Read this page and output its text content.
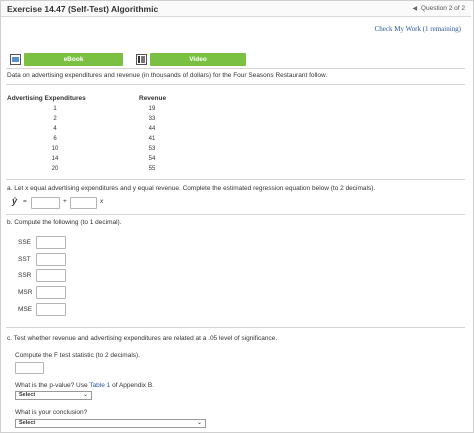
Exercise 14.47 (Self-Test) Algorithmic	◀ Question 2 of 2
Check My Work (1 remaining)
eBook	Video
Data on advertising expenditures and revenue (in thousands of dollars) for the Four Seasons Restaurant follow.
Advertising Expenditures	Revenue
1	19
2	33
4	44
6	41
10	53
14	54
20	55
a. Let x equal advertising expenditures and y equal revenue. Complete the estimated regression equation below (to 2 decimals).
ŷ =	+	x
b. Compute the following (to 1 decimal).
SSE
SST
SSR
MSR
MSE
c. Test whether revenue and advertising expenditures are related at a .05 level of significance.
Compute the F test statistic (to 2 decimals).
What is the p-value? Use Table 1 of Appendix B.
Select	⌄
What is your conclusion?
Select	⌄
